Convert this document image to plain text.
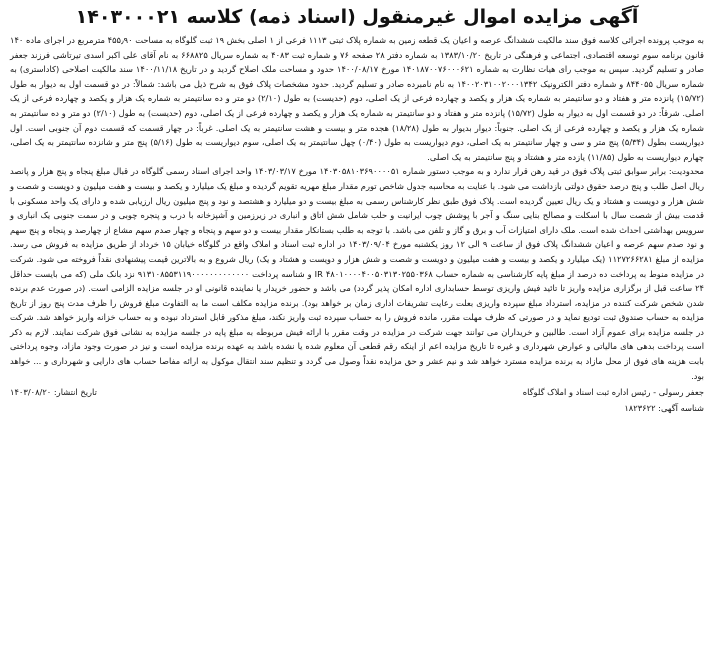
آگهی مزایده اموال غیرمنقول (اسناد ذمه) کلاسه ۱۴۰۳۰۰۰۲۱

به موجب پرونده اجرائی کلاسه فوق سند مالکیت ششدانگ عرصه و اعیان یک قطعه زمین به شماره پلاک ثبتی ۱۱۱۳ فرعی از ۱ اصلی بخش ۱۹ ثبت گلوگاه به مساحت ۴۵۵٫۹۰ مترمربع در اجرای ماده ۱۴۰ قانون برنامه سوم توسعه اقتصادی، اجتماعی و فرهنگی در تاریخ ۱۳۸۳/۱۰/۲۰ به شماره دفتر ۲۸ صفحه ۷۶ و شماره ثبت ۴۰۸۳ به شماره سریال ۶۶۸۸۲۵ به نام آقای علی اکبر اسدی تیرتاشی فرزند جعفر صادر و تسلیم گردید. سپس به موجب رای هیات نظارت به شماره ۱۴۰۱۸۷۰۰۷۶۰۰۰۶۲۱ مورخ ۱۴۰۰/۰۸/۱۷ حدود و مساحت ملک اصلاح گردید و در تاریخ ۱۴۰۰/۱۱/۱۸ سند مالکیت اصلاحی (کاداستری) به شماره سریال ۸۴۴۰۵۵ و شماره دفتر الکترونیک ۱۴۰۰۲۰۳۱۰۰۲۰۰۰۱۳۴۲ به نام نامبرده صادر و تسلیم گردید. حدود مشخصات پلاک فوق به شرح ذیل می باشد: شمالاً: در دو قسمت اول به دیوار به طول (۱۵/۷۲) پانزده متر و هفتاد و دو سانتیمتر به شماره یک هزار و یکصد و چهارده فرعی از یک اصلی، دوم (حدیست) به طول (۲/۱۰) دو متر و ده سانتیمتر به شماره یک هزار و یکصد و چهارده فرعی از یک اصلی. شرقاً: در دو قسمت اول به دیوار به طول (۱۵/۷۲) پانزده متر و هفتاد و دو سانتیمتر به شماره یک هزار و یکصد و چهارده فرعی از یک اصلی، دوم (حدیست) به طول (۲/۱۰) دو متر و ده سانتیمتر به شماره یک هزار و یکصد و چهارده فرعی از یک اصلی. جنوباً: دیوار بدیوار به طول (۱۸/۲۸) هجده متر و بیست و هشت سانتیمتر به یک اصلی. غرباً: در چهار قسمت که قسمت دوم آن جنوبی است. اول دیواریست بطول (۵/۳۴) پنج متر و سی و چهار سانتیمتر به یک اصلی، دوم دیواریست به طول (۰/۴۰) چهل سانتیمتر به یک اصلی، سوم دیواریست به طول (۵/۱۶) پنج متر و شانزده سانتیمتر به یک اصلی، چهارم دیواریست به طول (۱۱/۸۵) یازده متر و هشتاد و پنج سانتیمتر به یک اصلی.

محدودیت: برابر سوابق ثبتی پلاک فوق در قید رهن قرار ندارد و به موجب دستور شماره ۱۴۰۳۰۵۸۱۰۳۶۹۰۰۰۰۵۱ مورخ ۱۴۰۳/۰۳/۱۷ واحد اجرای اسناد رسمی گلوگاه در قبال مبلغ پنجاه و پنج هزار و پانصد ریال اصل طلب و پنج درصد حقوق دولتی بازداشت می شود. با عنایت به محاسبه جدول شاخص تورم مقدار مبلغ مهریه تقویم گردیده و مبلغ یک میلیارد و یکصد و بیست و هفت میلیون و دویست و شصت و شش هزار و دویست و هشتاد و یک ریال تعیین گردیده است. پلاک فوق طبق نظر کارشناس رسمی به مبلغ بیست و دو میلیارد و هشتصد و نود و پنج میلیون ریال ارزیابی شده و دارای یک واحد مسکونی با قدمت بیش از شصت سال با اسکلت و مصالح بنایی سنگ و آجر با پوشش چوب ایرانیت و حلب شامل شش اتاق و انباری در زیرزمین و آشپزخانه با درب و پنجره چوبی و در سمت جنوبی یک انباری و سرویس بهداشتی احداث شده است. ملک دارای امتیازات آب و برق و گاز و تلفن می باشد. با توجه به طلب بستانکار مقدار بیست و دو سهم و پنجاه و چهار صدم سهم مشاع از چهارصد و پنجاه و پنج سهم و نود صدم سهم عرصه و اعیان ششدانگ پلاک فوق از ساعت ۹ الی ۱۲ روز یکشنبه مورخ ۱۴۰۳/۰۹/۰۴ در اداره ثبت اسناد و املاک واقع در گلوگاه خیابان ۱۵ خرداد از طریق مزایده به فروش می رسد. مزایده از مبلغ ۱۱۲۷۲۶۶۲۸۱ (یک میلیارد و یکصد و بیست و هفت میلیون و دویست و شصت و شش هزار و دویست و هشتاد و یک) ریال شروع و به بالاترین قیمت پیشنهادی نقداً فروخته می شود. شرکت در مزایده منوط به پرداخت ده درصد از مبلغ پایه کارشناسی به شماره حساب ۴۸۰۱۰۰۰۰۴۰۰۵۰۳۱۳۰۲۵۵۰۳۶۸ IR و شناسه پرداخت ۹۱۳۱۰۸۵۵۳۱۱۹۰۰۰۰۰۰۰۰۰۰۰۰۰ نزد بانک ملی (که می بایست حداقل ۲۴ ساعت قبل از برگزاری مزایده واریز تا تائید فیش واریزی توسط حسابداری اداره امکان پذیر گردد) می باشد و حضور خریدار یا نماینده قانونی او در جلسه مزایده الزامی است. (در صورت عدم برنده شدن شخص شرکت کننده در مزایده، استرداد مبلغ سپرده واریزی بعلت رعایت تشریفات اداری زمان بر خواهد بود). برنده مزایده مکلف است ما به التفاوت مبلغ فروش را ظرف مدت پنج روز از تاریخ مزایده به حساب صندوق ثبت تودیع نماید و در صورتی که ظرف مهلت مقرر، مانده فروش را به حساب سپرده ثبت واریز نکند، مبلغ مذکور قابل استرداد نبوده و به حساب خزانه واریز خواهد شد. شرکت در جلسه مزایده برای عموم آزاد است. طالبین و خریداران می توانند جهت شرکت در مزایده در وقت مقرر با ارائه فیش مربوطه به مبلغ پایه در جلسه مزایده به نشانی فوق شرکت نمایند. لازم به ذکر است پرداخت بدهی های مالیاتی و عوارض شهرداری و غیره تا تاریخ مزایده اعم از اینکه رقم قطعی آن معلوم شده یا نشده باشد به عهده برنده مزایده است و نیز در صورت وجود مازاد، وجوه پرداختی بابت هزینه های فوق از محل مازاد به برنده مزایده مسترد خواهد شد و نیم عشر و حق مزایده نقداً وصول می گردد و تنظیم سند انتقال موکول به ارائه مفاصا حساب های دارایی و شهرداری و ... خواهد بود.

جعفر رسولی - رئیس اداره ثبت اسناد و املاک گلوگاه
تاریخ انتشار: ۱۴۰۳/۰۸/۲۰
شناسه آگهی: ۱۸۲۳۶۲۲
